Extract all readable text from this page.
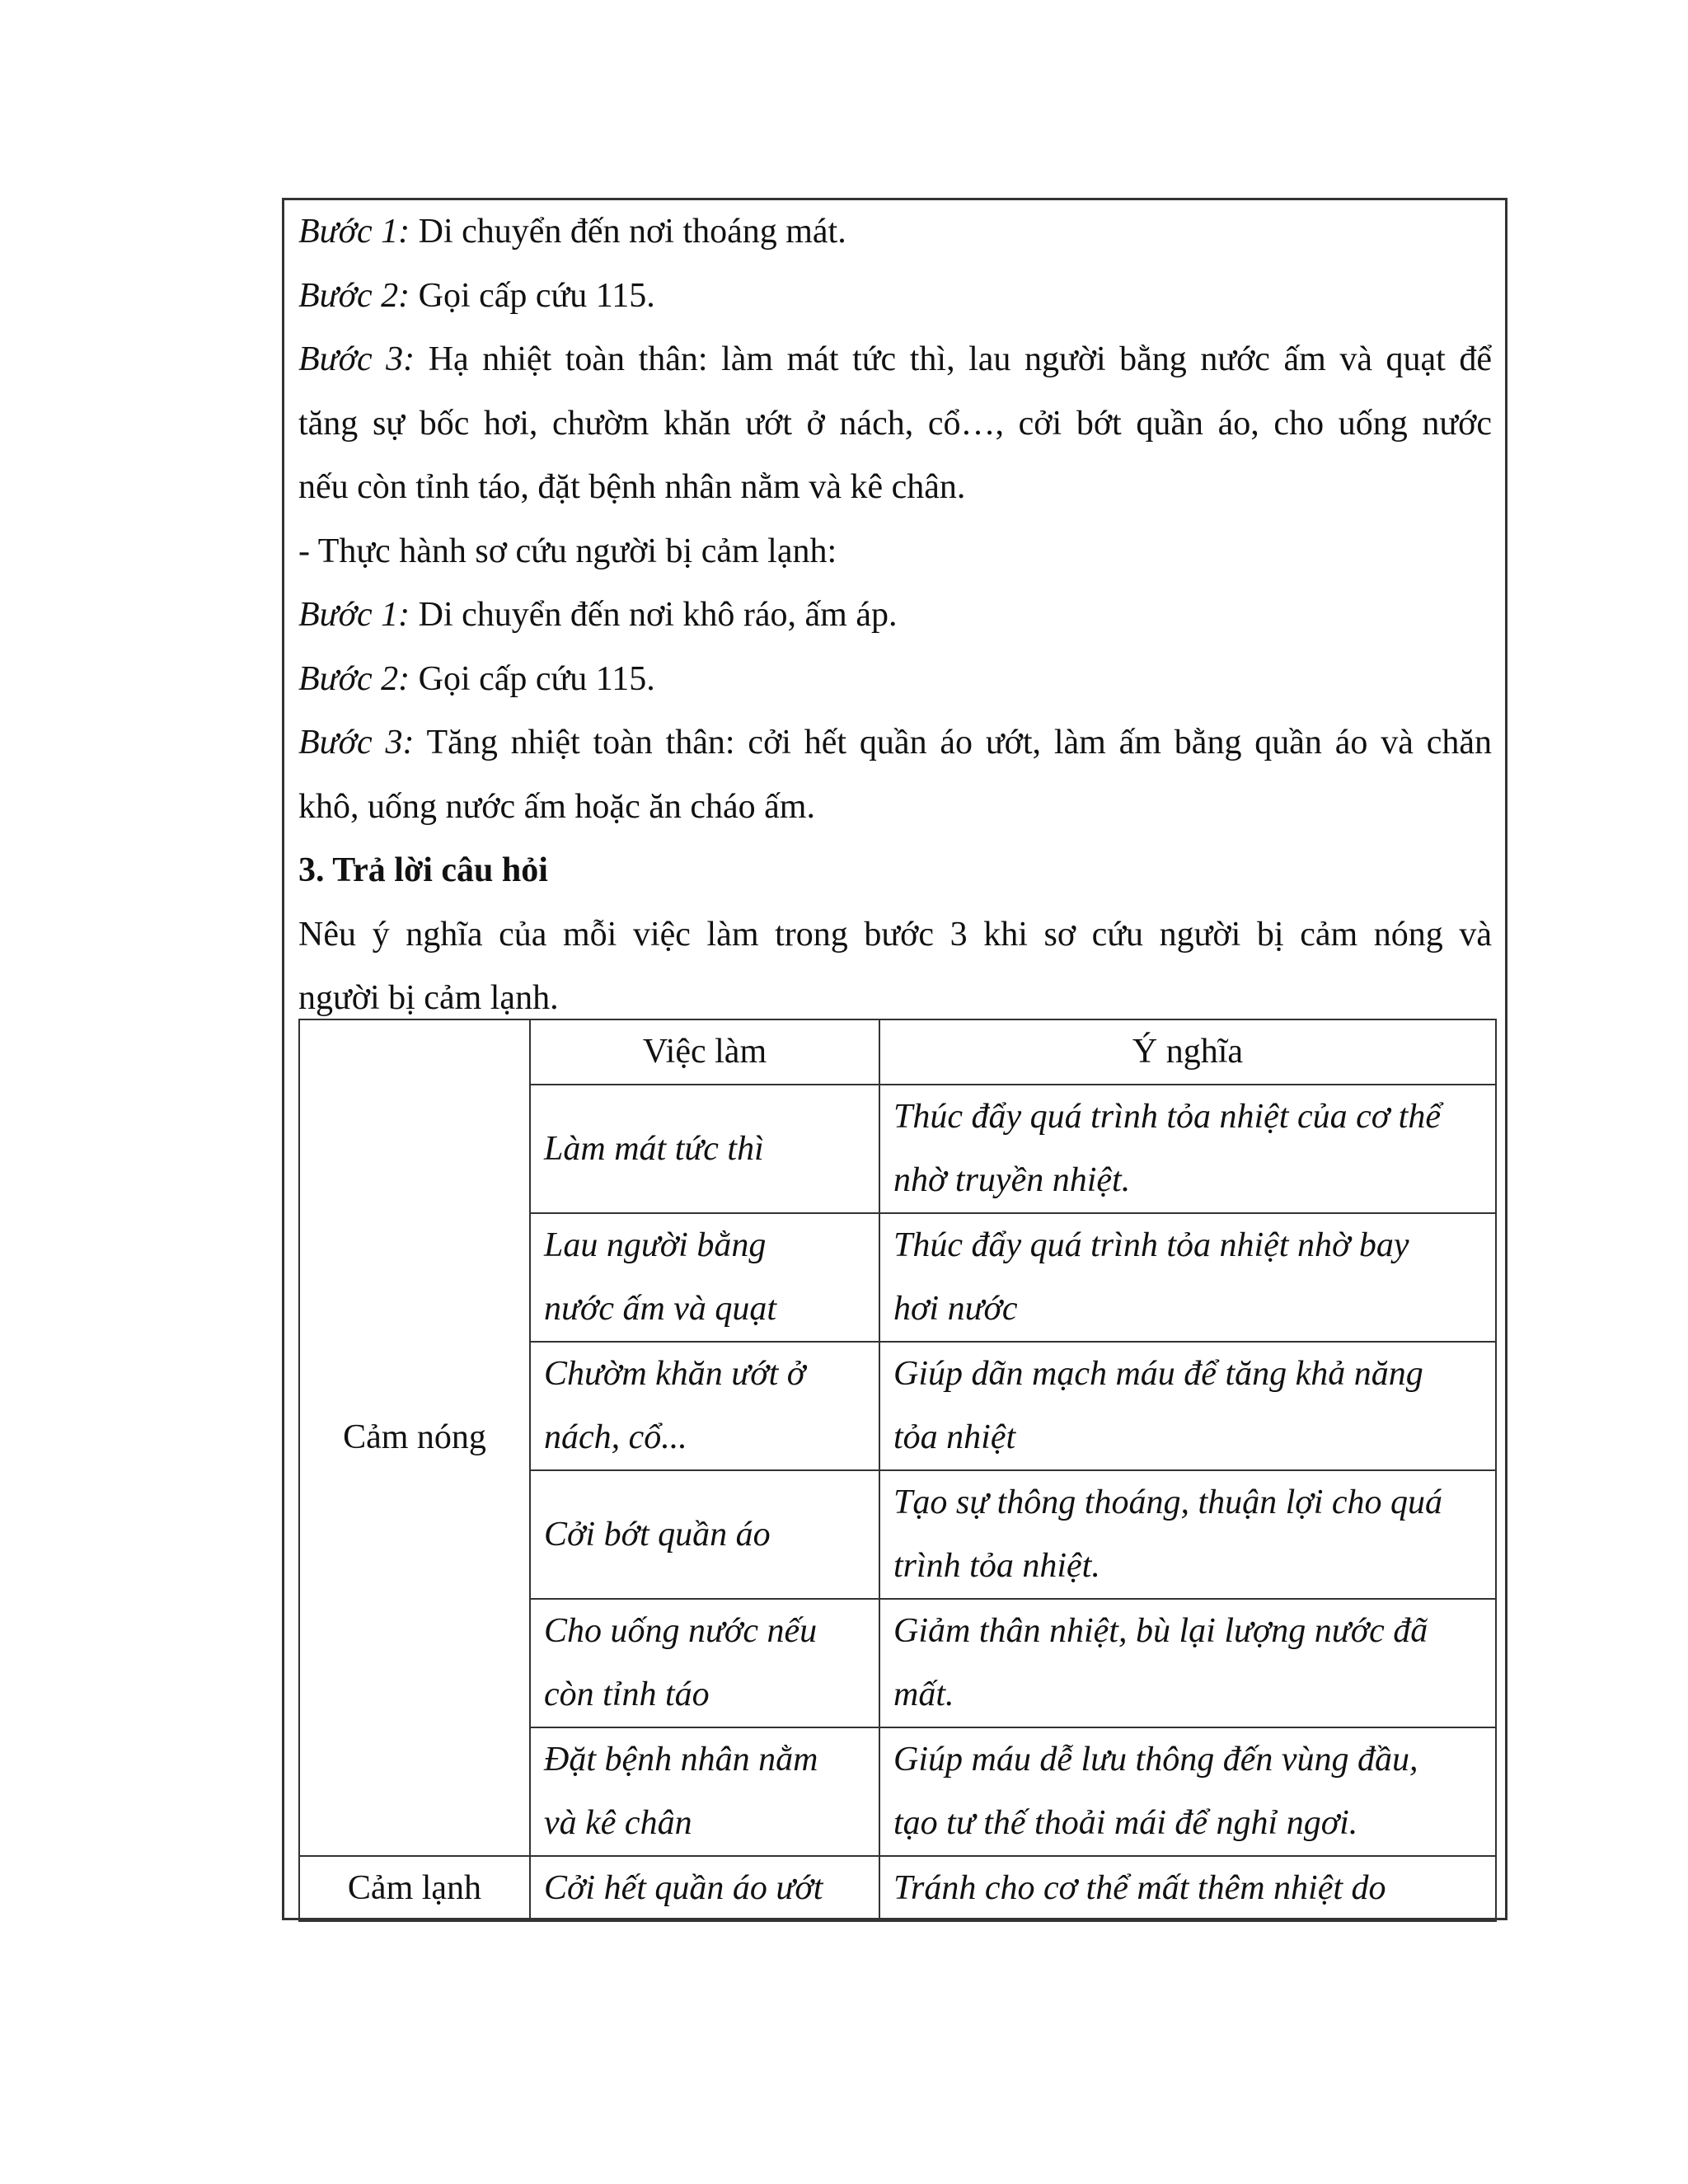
Bước 1: Di chuyển đến nơi thoáng mát.
Bước 2: Gọi cấp cứu 115.
Bước 3: Hạ nhiệt toàn thân: làm mát tức thì, lau người bằng nước ấm và quạt để
tăng sự bốc hơi, chườm khăn ướt ở nách, cổ…, cởi bớt quần áo, cho uống nước
nếu còn tỉnh táo, đặt bệnh nhân nằm và kê chân.
- Thực hành sơ cứu người bị cảm lạnh:
Bước 1: Di chuyển đến nơi khô ráo, ấm áp.
Bước 2: Gọi cấp cứu 115.
Bước 3: Tăng nhiệt toàn thân: cởi hết quần áo ướt, làm ấm bằng quần áo và chăn
khô, uống nước ấm hoặc ăn cháo ấm.
3. Trả lời câu hỏi
Nêu ý nghĩa của mỗi việc làm trong bước 3 khi sơ cứu người bị cảm nóng và
người bị cảm lạnh.
Cảm nóng	Việc làm	Ý nghĩa

	Làm mát tức thì	Thúc đẩy quá trình tỏa nhiệt của cơ thể
nhờ truyền nhiệt.

	Lau người bằng
nước ấm và quạt	Thúc đẩy quá trình tỏa nhiệt nhờ bay
hơi nước

	Chườm khăn ướt ở
nách, cổ...	Giúp dãn mạch máu để tăng khả năng
tỏa nhiệt

	Cởi bớt quần áo	Tạo sự thông thoáng, thuận lợi cho quá
trình tỏa nhiệt.

	Cho uống nước nếu
còn tỉnh táo	Giảm thân nhiệt, bù lại lượng nước đã
mất.

	Đặt bệnh nhân nằm
và kê chân	Giúp máu dễ lưu thông đến vùng đầu,
tạo tư thế thoải mái để nghỉ ngơi.

Cảm lạnh	Cởi hết quần áo ướt	Tránh cho cơ thể mất thêm nhiệt do
